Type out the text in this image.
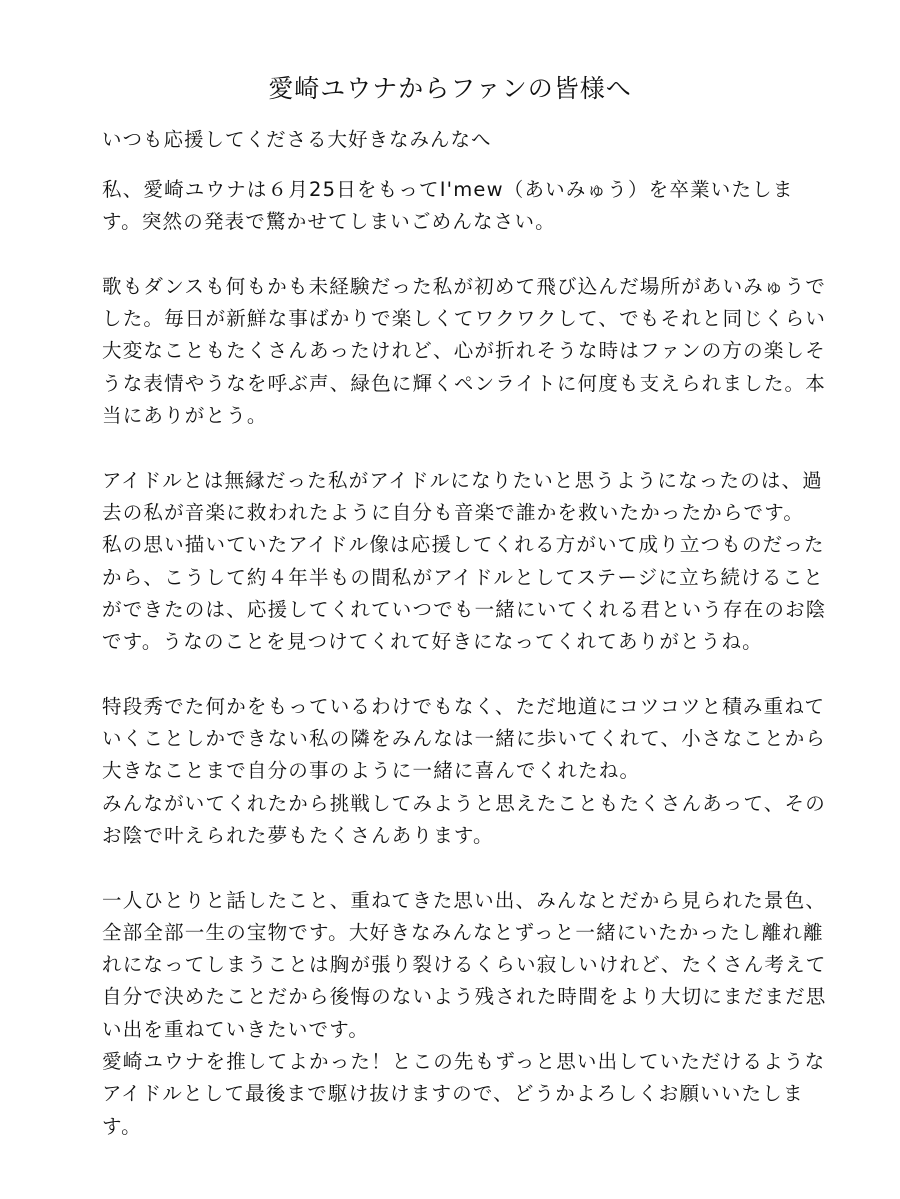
愛崎ユウナからファンの皆様へ

いつも応援してくださる大好きなみんなへ

私、愛崎ユウナは６月25日をもってI'mew（あいみゅう）を卒業いたしま
す。突然の発表で驚かせてしまいごめんなさい。

歌もダンスも何もかも未経験だった私が初めて飛び込んだ場所があいみゅうで
した。毎日が新鮮な事ばかりで楽しくてワクワクして、でもそれと同じくらい
大変なこともたくさんあったけれど、心が折れそうな時はファンの方の楽しそ
うな表情やうなを呼ぶ声、緑色に輝くペンライトに何度も支えられました。本
当にありがとう。

アイドルとは無縁だった私がアイドルになりたいと思うようになったのは、過
去の私が音楽に救われたように自分も音楽で誰かを救いたかったからです。
私の思い描いていたアイドル像は応援してくれる方がいて成り立つものだった
から、こうして約４年半もの間私がアイドルとしてステージに立ち続けること
ができたのは、応援してくれていつでも一緒にいてくれる君という存在のお陰
です。うなのことを見つけてくれて好きになってくれてありがとうね。

特段秀でた何かをもっているわけでもなく、ただ地道にコツコツと積み重ねて
いくことしかできない私の隣をみんなは一緒に歩いてくれて、小さなことから
大きなことまで自分の事のように一緒に喜んでくれたね。
みんながいてくれたから挑戦してみようと思えたこともたくさんあって、その
お陰で叶えられた夢もたくさんあります。

一人ひとりと話したこと、重ねてきた思い出、みんなとだから見られた景色、
全部全部一生の宝物です。大好きなみんなとずっと一緒にいたかったし離れ離
れになってしまうことは胸が張り裂けるくらい寂しいけれど、たくさん考えて
自分で決めたことだから後悔のないよう残された時間をより大切にまだまだ思
い出を重ねていきたいです。
愛崎ユウナを推してよかった！とこの先もずっと思い出していただけるような
アイドルとして最後まで駆け抜けますので、どうかよろしくお願いいたしま
す。
